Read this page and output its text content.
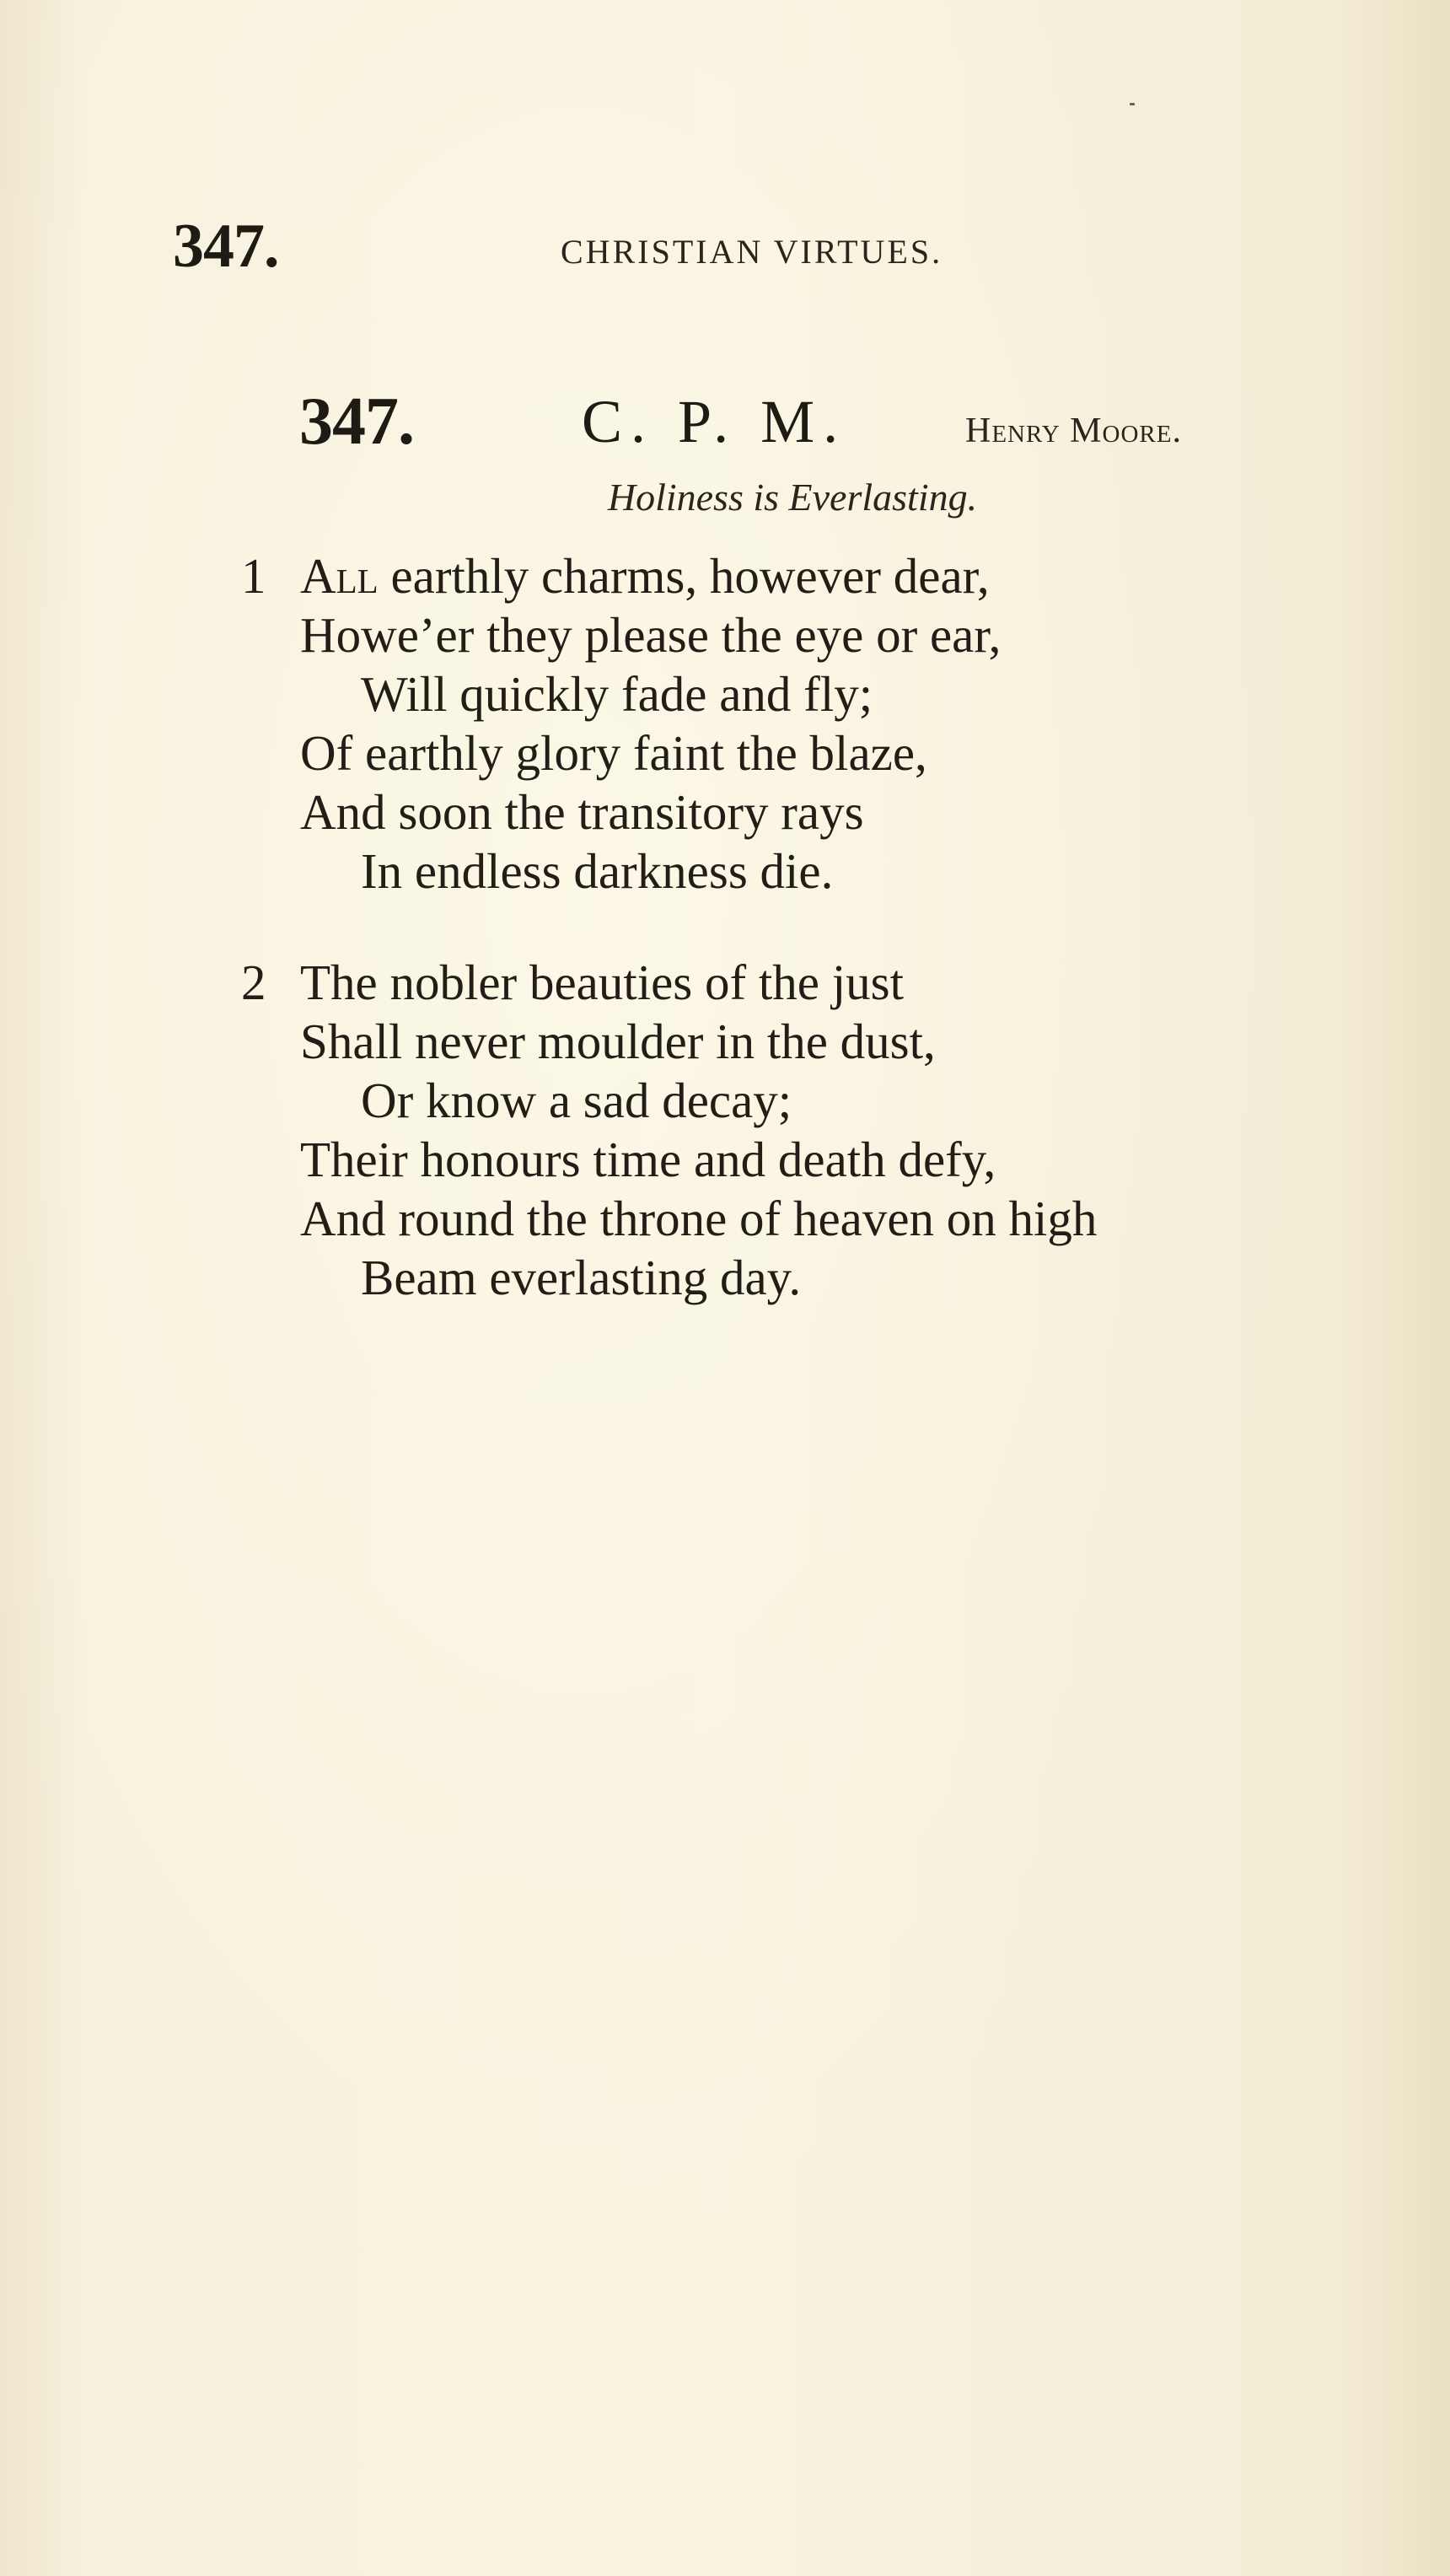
347.	CHRISTIAN VIRTUES.
347.	C. P. M.	Henry Moore.
Holiness is Everlasting.
1 All earthly charms, however dear,
Howe’er they please the eye or ear,
Will quickly fade and fly;
Of earthly glory faint the blaze,
And soon the transitory rays
In endless darkness die.
2 The nobler beauties of the just
Shall never moulder in the dust,
Or know a sad decay;
Their honours time and death defy,
And round the throne of heaven on high
Beam everlasting day.
